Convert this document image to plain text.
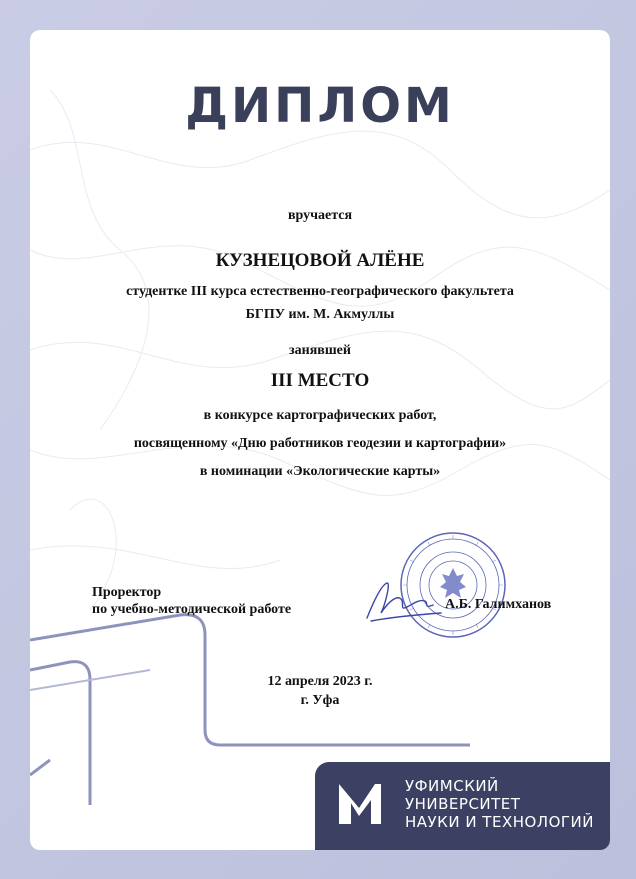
ДИПЛОМ
вручается
КУЗНЕЦОВОЙ АЛЁНЕ
студентке III курса естественно-географического факультета
БГПУ им. М. Акмуллы
занявшей
III МЕСТО
в конкурсе картографических работ,
посвященному «Дню работников геодезии и картографии»
в номинации «Экологические карты»
Проректор
по учебно-методической работе	А.Б. Галимханов
12 апреля 2023 г.
г. Уфа
УФИМСКИЙ
УНИВЕРСИТЕТ
НАУКИ И ТЕХНОЛОГИЙ
